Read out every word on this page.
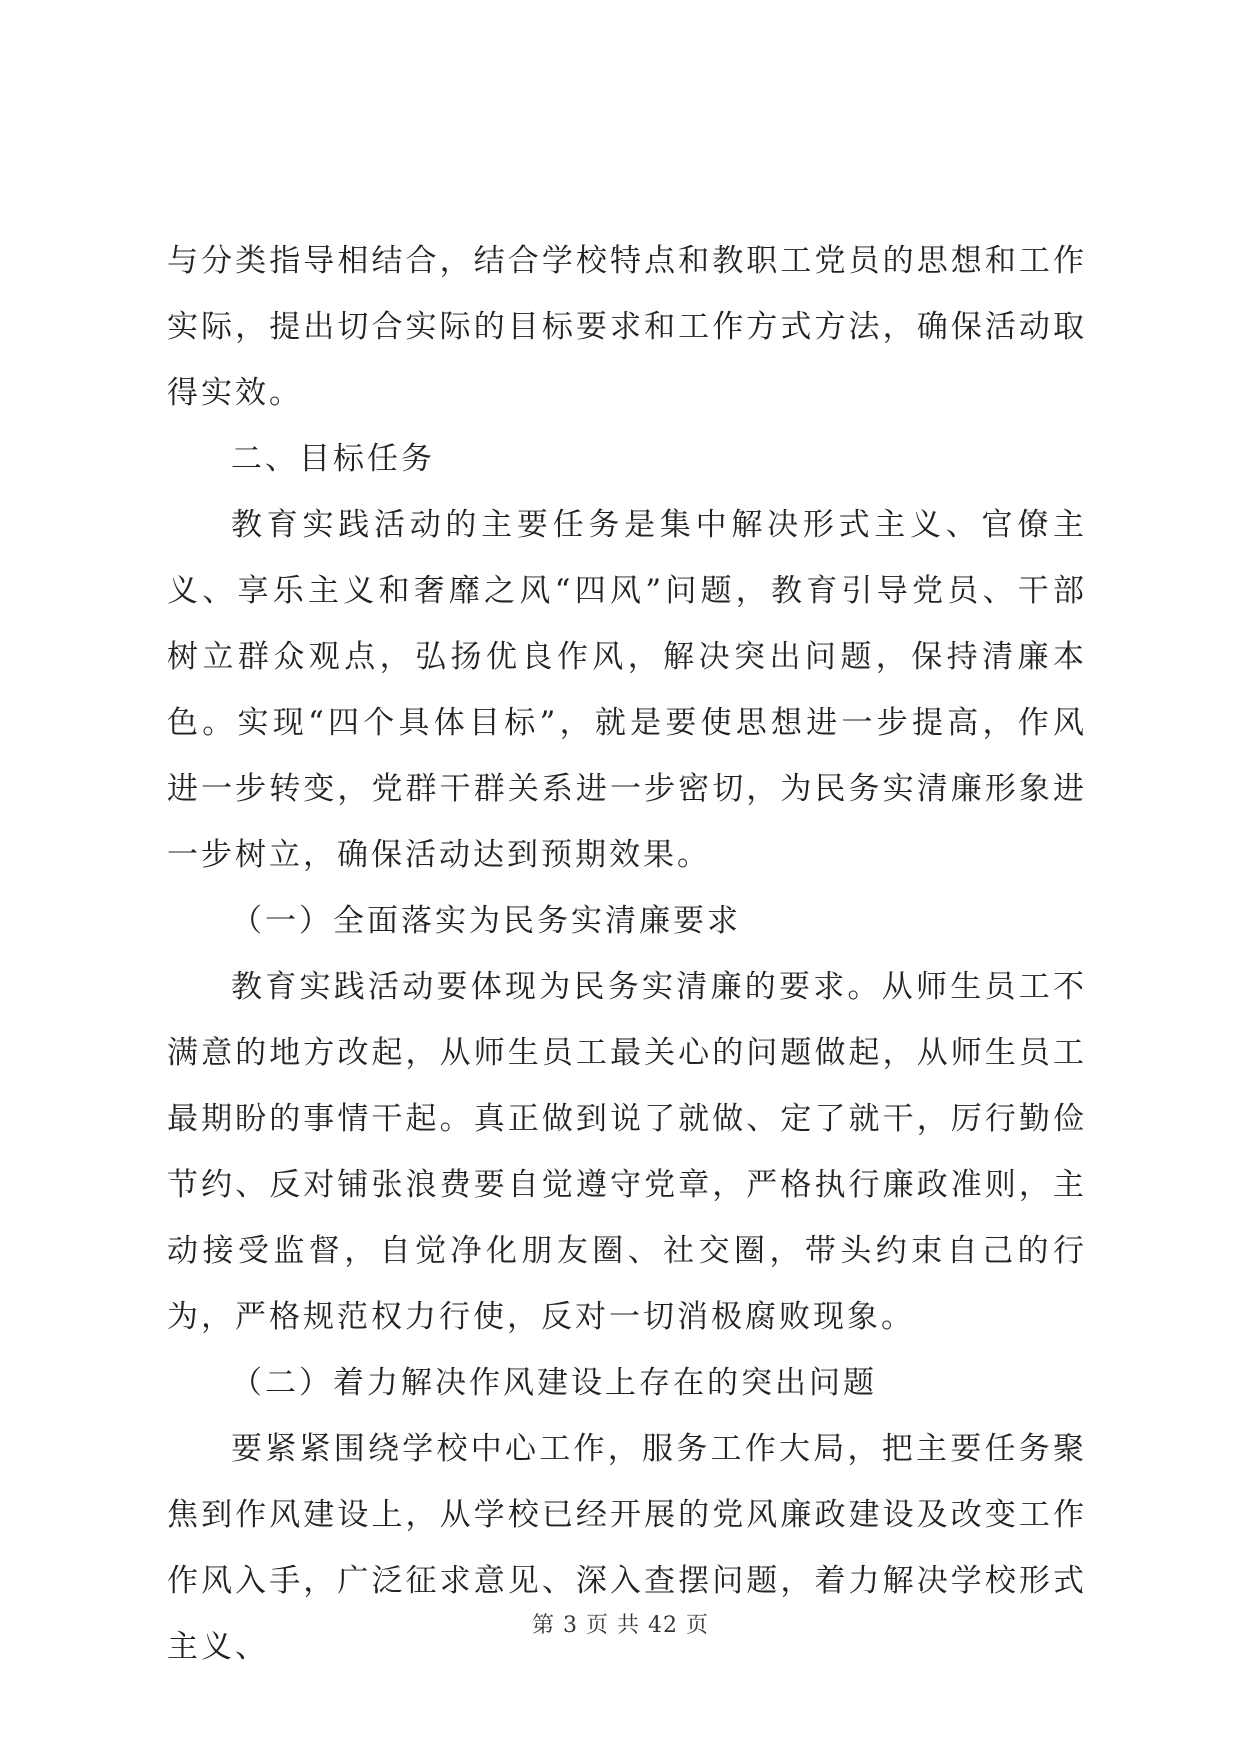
与分类指导相结合，结合学校特点和教职工党员的思想和工作实际，提出切合实际的目标要求和工作方式方法，确保活动取得实效。

二、目标任务

教育实践活动的主要任务是集中解决形式主义、官僚主义、享乐主义和奢靡之风“四风”问题，教育引导党员、干部树立群众观点，弘扬优良作风，解决突出问题，保持清廉本色。实现“四个具体目标”，就是要使思想进一步提高，作风进一步转变，党群干群关系进一步密切，为民务实清廉形象进一步树立，确保活动达到预期效果。

（一）全面落实为民务实清廉要求

教育实践活动要体现为民务实清廉的要求。从师生员工不满意的地方改起，从师生员工最关心的问题做起，从师生员工最期盼的事情干起。真正做到说了就做、定了就干，厉行勤俭节约、反对铺张浪费要自觉遵守党章，严格执行廉政准则，主动接受监督，自觉净化朋友圈、社交圈，带头约束自己的行为，严格规范权力行使，反对一切消极腐败现象。

（二）着力解决作风建设上存在的突出问题

要紧紧围绕学校中心工作，服务工作大局，把主要任务聚焦到作风建设上，从学校已经开展的党风廉政建设及改变工作作风入手，广泛征求意见、深入查摆问题，着力解决学校形式主义、

第 3 页 共 42 页
